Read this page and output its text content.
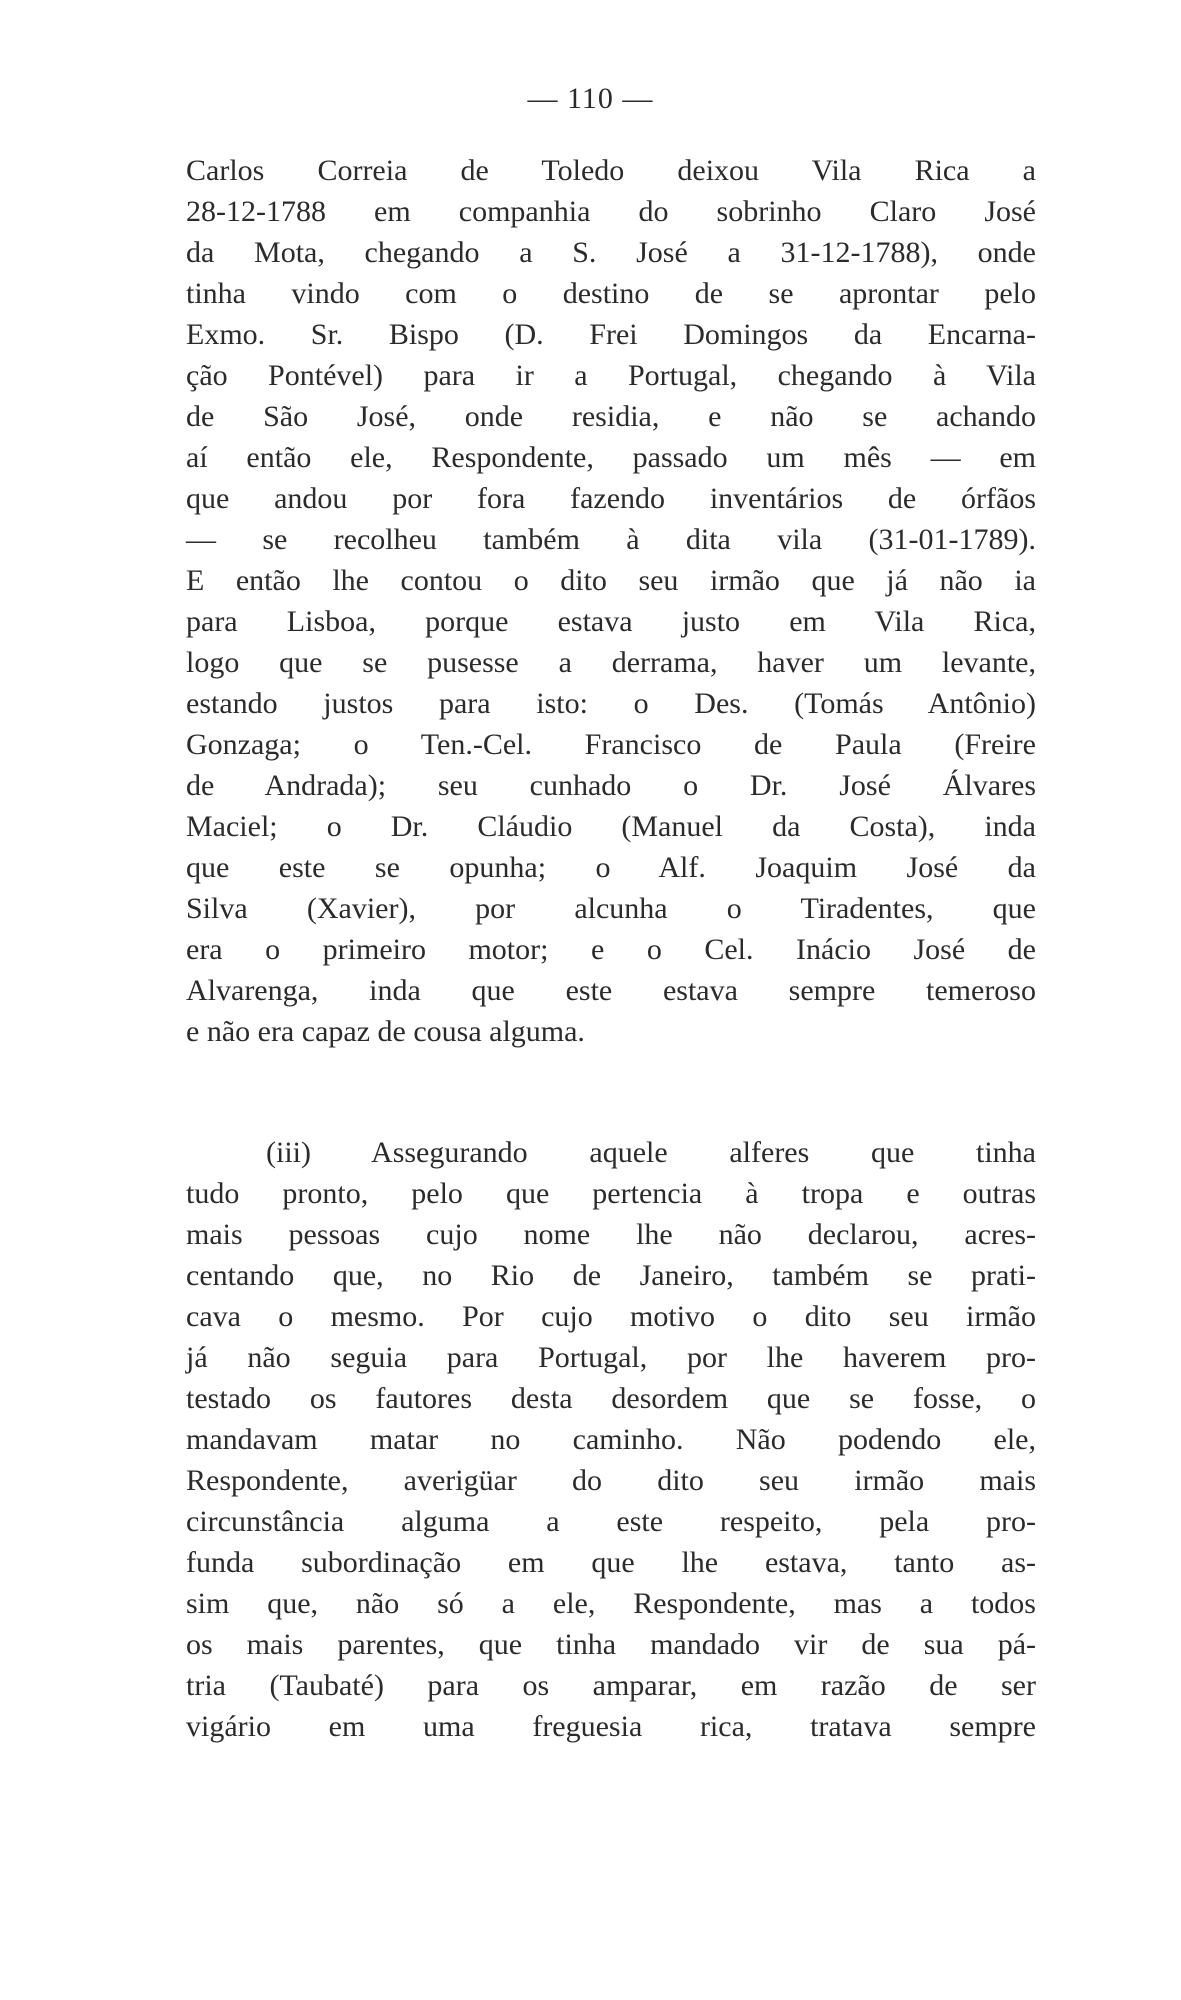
— 110 —
Carlos Correia de Toledo deixou Vila Rica a
28-12-1788 em companhia do sobrinho Claro José
da Mota, chegando a S. José a 31-12-1788), onde
tinha vindo com o destino de se aprontar pelo
Exmo. Sr. Bispo (D. Frei Domingos da Encarna-
ção Pontével) para ir a Portugal, chegando à Vila
de São José, onde residia, e não se achando
aí então ele, Respondente, passado um mês — em
que andou por fora fazendo inventários de órfãos
— se recolheu também à dita vila (31-01-1789).
E então lhe contou o dito seu irmão que já não ia
para Lisboa, porque estava justo em Vila Rica,
logo que se pusesse a derrama, haver um levante,
estando justos para isto: o Des. (Tomás Antônio)
Gonzaga; o Ten.-Cel. Francisco de Paula (Freire
de Andrada); seu cunhado o Dr. José Álvares
Maciel; o Dr. Cláudio (Manuel da Costa), inda
que este se opunha; o Alf. Joaquim José da
Silva (Xavier), por alcunha o Tiradentes, que
era o primeiro motor; e o Cel. Inácio José de
Alvarenga, inda que este estava sempre temeroso
e não era capaz de cousa alguma.
(iii) Assegurando aquele alferes que tinha
tudo pronto, pelo que pertencia à tropa e outras
mais pessoas cujo nome lhe não declarou, acres-
centando que, no Rio de Janeiro, também se prati-
cava o mesmo. Por cujo motivo o dito seu irmão
já não seguia para Portugal, por lhe haverem pro-
testado os fautores desta desordem que se fosse, o
mandavam matar no caminho. Não podendo ele,
Respondente, averigüar do dito seu irmão mais
circunstância alguma a este respeito, pela pro-
funda subordinação em que lhe estava, tanto as-
sim que, não só a ele, Respondente, mas a todos
os mais parentes, que tinha mandado vir de sua pá-
tria (Taubaté) para os amparar, em razão de ser
vigário em uma freguesia rica, tratava sempre
